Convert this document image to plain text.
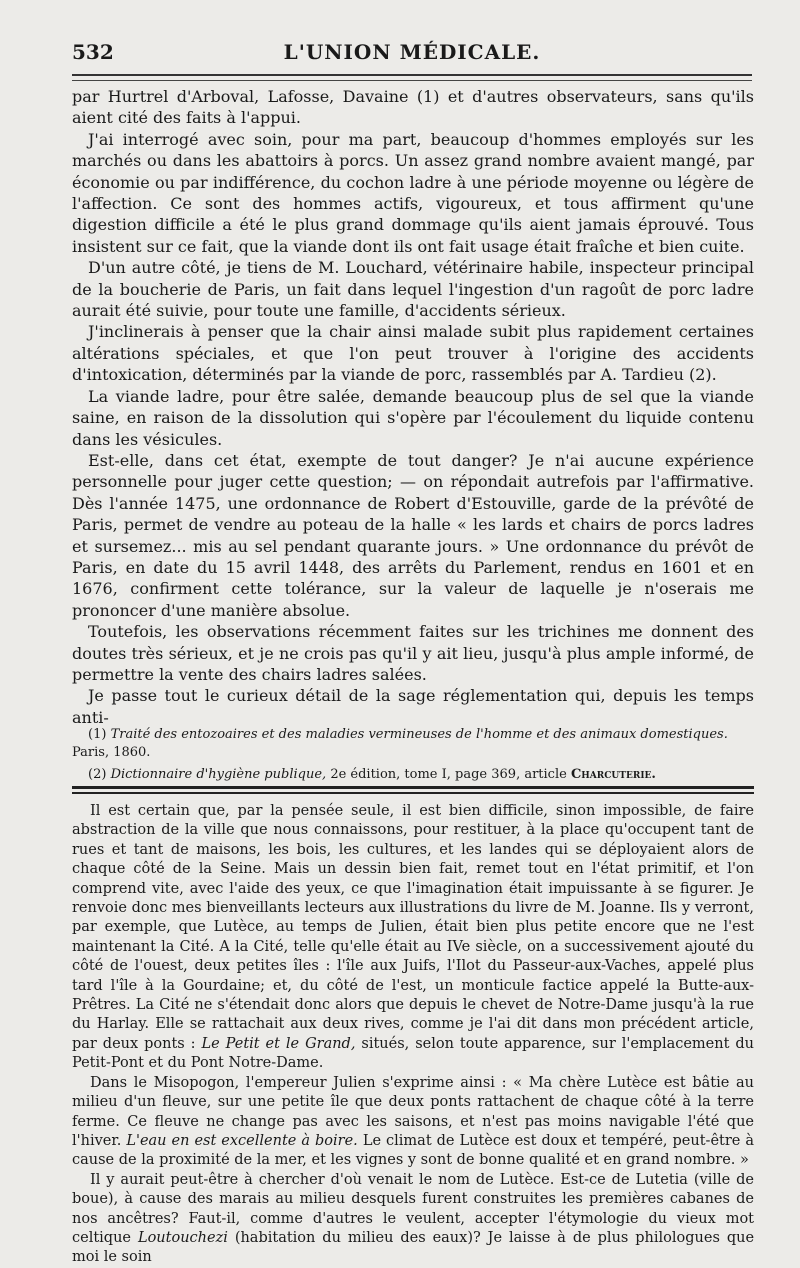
532	L'UNION MÉDICALE.

par Hurtrel d'Arboval, Lafosse, Davaine (1) et d'autres observateurs, sans qu'ils aient cité des faits à l'appui.

J'ai interrogé avec soin, pour ma part, beaucoup d'hommes employés sur les marchés ou dans les abattoirs à porcs. Un assez grand nombre avaient mangé, par économie ou par indifférence, du cochon ladre à une période moyenne ou légère de l'affection. Ce sont des hommes actifs, vigoureux, et tous affirment qu'une digestion difficile a été le plus grand dommage qu'ils aient jamais éprouvé. Tous insistent sur ce fait, que la viande dont ils ont fait usage était fraîche et bien cuite.

D'un autre côté, je tiens de M. Louchard, vétérinaire habile, inspecteur principal de la boucherie de Paris, un fait dans lequel l'ingestion d'un ragoût de porc ladre aurait été suivie, pour toute une famille, d'accidents sérieux.

J'inclinerais à penser que la chair ainsi malade subit plus rapidement certaines altérations spéciales, et que l'on peut trouver à l'origine des accidents d'intoxication, déterminés par la viande de porc, rassemblés par A. Tardieu (2).

La viande ladre, pour être salée, demande beaucoup plus de sel que la viande saine, en raison de la dissolution qui s'opère par l'écoulement du liquide contenu dans les vésicules.

Est-elle, dans cet état, exempte de tout danger? Je n'ai aucune expérience personnelle pour juger cette question; — on répondait autrefois par l'affirmative. Dès l'année 1475, une ordonnance de Robert d'Estouville, garde de la prévôté de Paris, permet de vendre au poteau de la halle « les lards et chairs de porcs ladres et sursemez... mis au sel pendant quarante jours. » Une ordonnance du prévôt de Paris, en date du 15 avril 1448, des arrêts du Parlement, rendus en 1601 et en 1676, confirment cette tolérance, sur la valeur de laquelle je n'oserais me prononcer d'une manière absolue.

Toutefois, les observations récemment faites sur les trichines me donnent des doutes très sérieux, et je ne crois pas qu'il y ait lieu, jusqu'à plus ample informé, de permettre la vente des chairs ladres salées.

Je passe tout le curieux détail de la sage réglementation qui, depuis les temps anti-

(1) Traité des entozoaires et des maladies vermineuses de l'homme et des animaux domestiques. Paris, 1860.

(2) Dictionnaire d'hygiène publique, 2e édition, tome I, page 369, article Charcuterie.

Il est certain que, par la pensée seule, il est bien difficile, sinon impossible, de faire abstraction de la ville que nous connaissons, pour restituer, à la place qu'occupent tant de rues et tant de maisons, les bois, les cultures, et les landes qui se déployaient alors de chaque côté de la Seine. Mais un dessin bien fait, remet tout en l'état primitif, et l'on comprend vite, avec l'aide des yeux, ce que l'imagination était impuissante à se figurer. Je renvoie donc mes bienveillants lecteurs aux illustrations du livre de M. Joanne. Ils y verront, par exemple, que Lutèce, au temps de Julien, était bien plus petite encore que ne l'est maintenant la Cité. A la Cité, telle qu'elle était au IVe siècle, on a successivement ajouté du côté de l'ouest, deux petites îles : l'île aux Juifs, l'Ilot du Passeur-aux-Vaches, appelé plus tard l'île à la Gourdaine; et, du côté de l'est, un monticule factice appelé la Butte-aux-Prêtres. La Cité ne s'étendait donc alors que depuis le chevet de Notre-Dame jusqu'à la rue du Harlay. Elle se rattachait aux deux rives, comme je l'ai dit dans mon précédent article, par deux ponts : Le Petit et le Grand, situés, selon toute apparence, sur l'emplacement du Petit-Pont et du Pont Notre-Dame.

Dans le Misopogon, l'empereur Julien s'exprime ainsi : « Ma chère Lutèce est bâtie au milieu d'un fleuve, sur une petite île que deux ponts rattachent de chaque côté à la terre ferme. Ce fleuve ne change pas avec les saisons, et n'est pas moins navigable l'été que l'hiver. L'eau en est excellente à boire. Le climat de Lutèce est doux et tempéré, peut-être à cause de la proximité de la mer, et les vignes y sont de bonne qualité et en grand nombre. »

Il y aurait peut-être à chercher d'où venait le nom de Lutèce. Est-ce de Lutetia (ville de boue), à cause des marais au milieu desquels furent construites les premières cabanes de nos ancêtres? Faut-il, comme d'autres le veulent, accepter l'étymologie du vieux mot celtique Loutouchezi (habitation du milieu des eaux)? Je laisse à de plus philologues que moi le soin
